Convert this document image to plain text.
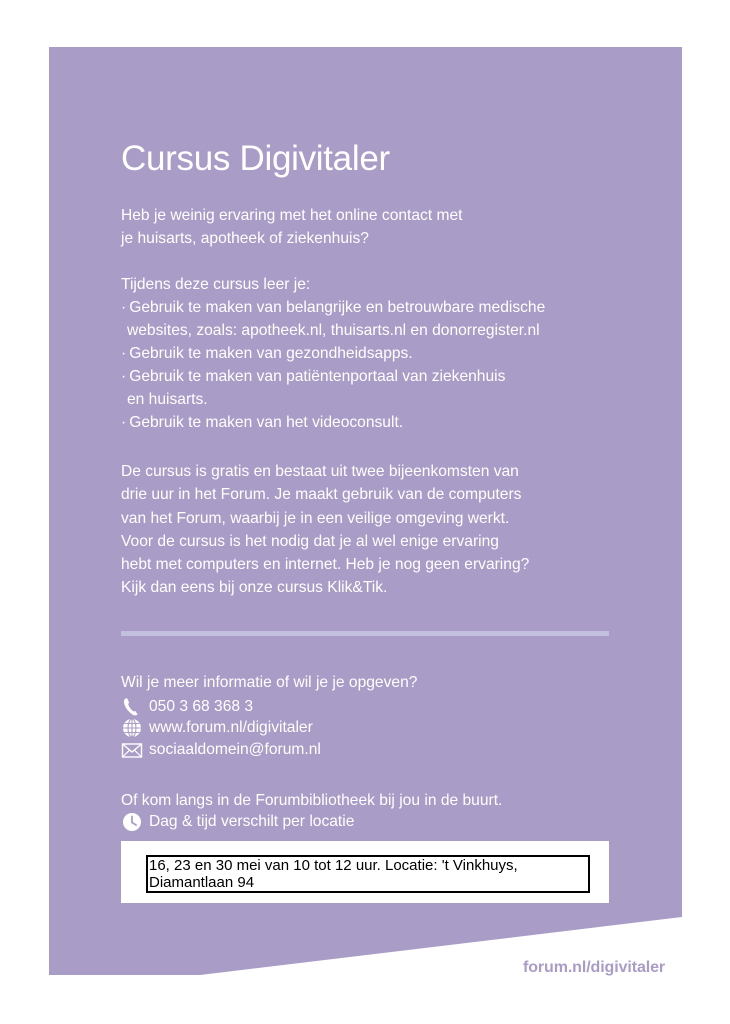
Cursus Digivitaler

Heb je weinig ervaring met het online contact met
je huisarts, apotheek of ziekenhuis?

Tijdens deze cursus leer je:

· Gebruik te maken van belangrijke en betrouwbare medische
websites, zoals: apotheek.nl, thuisarts.nl en donorregister.nl
· Gebruik te maken van gezondheidsapps.
· Gebruik te maken van patiëntenportaal van ziekenhuis
en huisarts.
· Gebruik te maken van het videoconsult.

De cursus is gratis en bestaat uit twee bijeenkomsten van
drie uur in het Forum. Je maakt gebruik van de computers
van het Forum, waarbij je in een veilige omgeving werkt.
Voor de cursus is het nodig dat je al wel enige ervaring
hebt met computers en internet. Heb je nog geen ervaring?
Kijk dan eens bij onze cursus Klik&Tik.

Wil je meer informatie of wil je je opgeven?

050 3 68 368 3
www.forum.nl/digivitaler
sociaaldomein@forum.nl

Of kom langs in de Forumbibliotheek bij jou in de buurt.

Dag & tijd verschilt per locatie
16, 23 en 30 mei van 10 tot 12 uur. Locatie: 't Vinkhuys,
Diamantlaan 94
forum.nl/digivitaler
